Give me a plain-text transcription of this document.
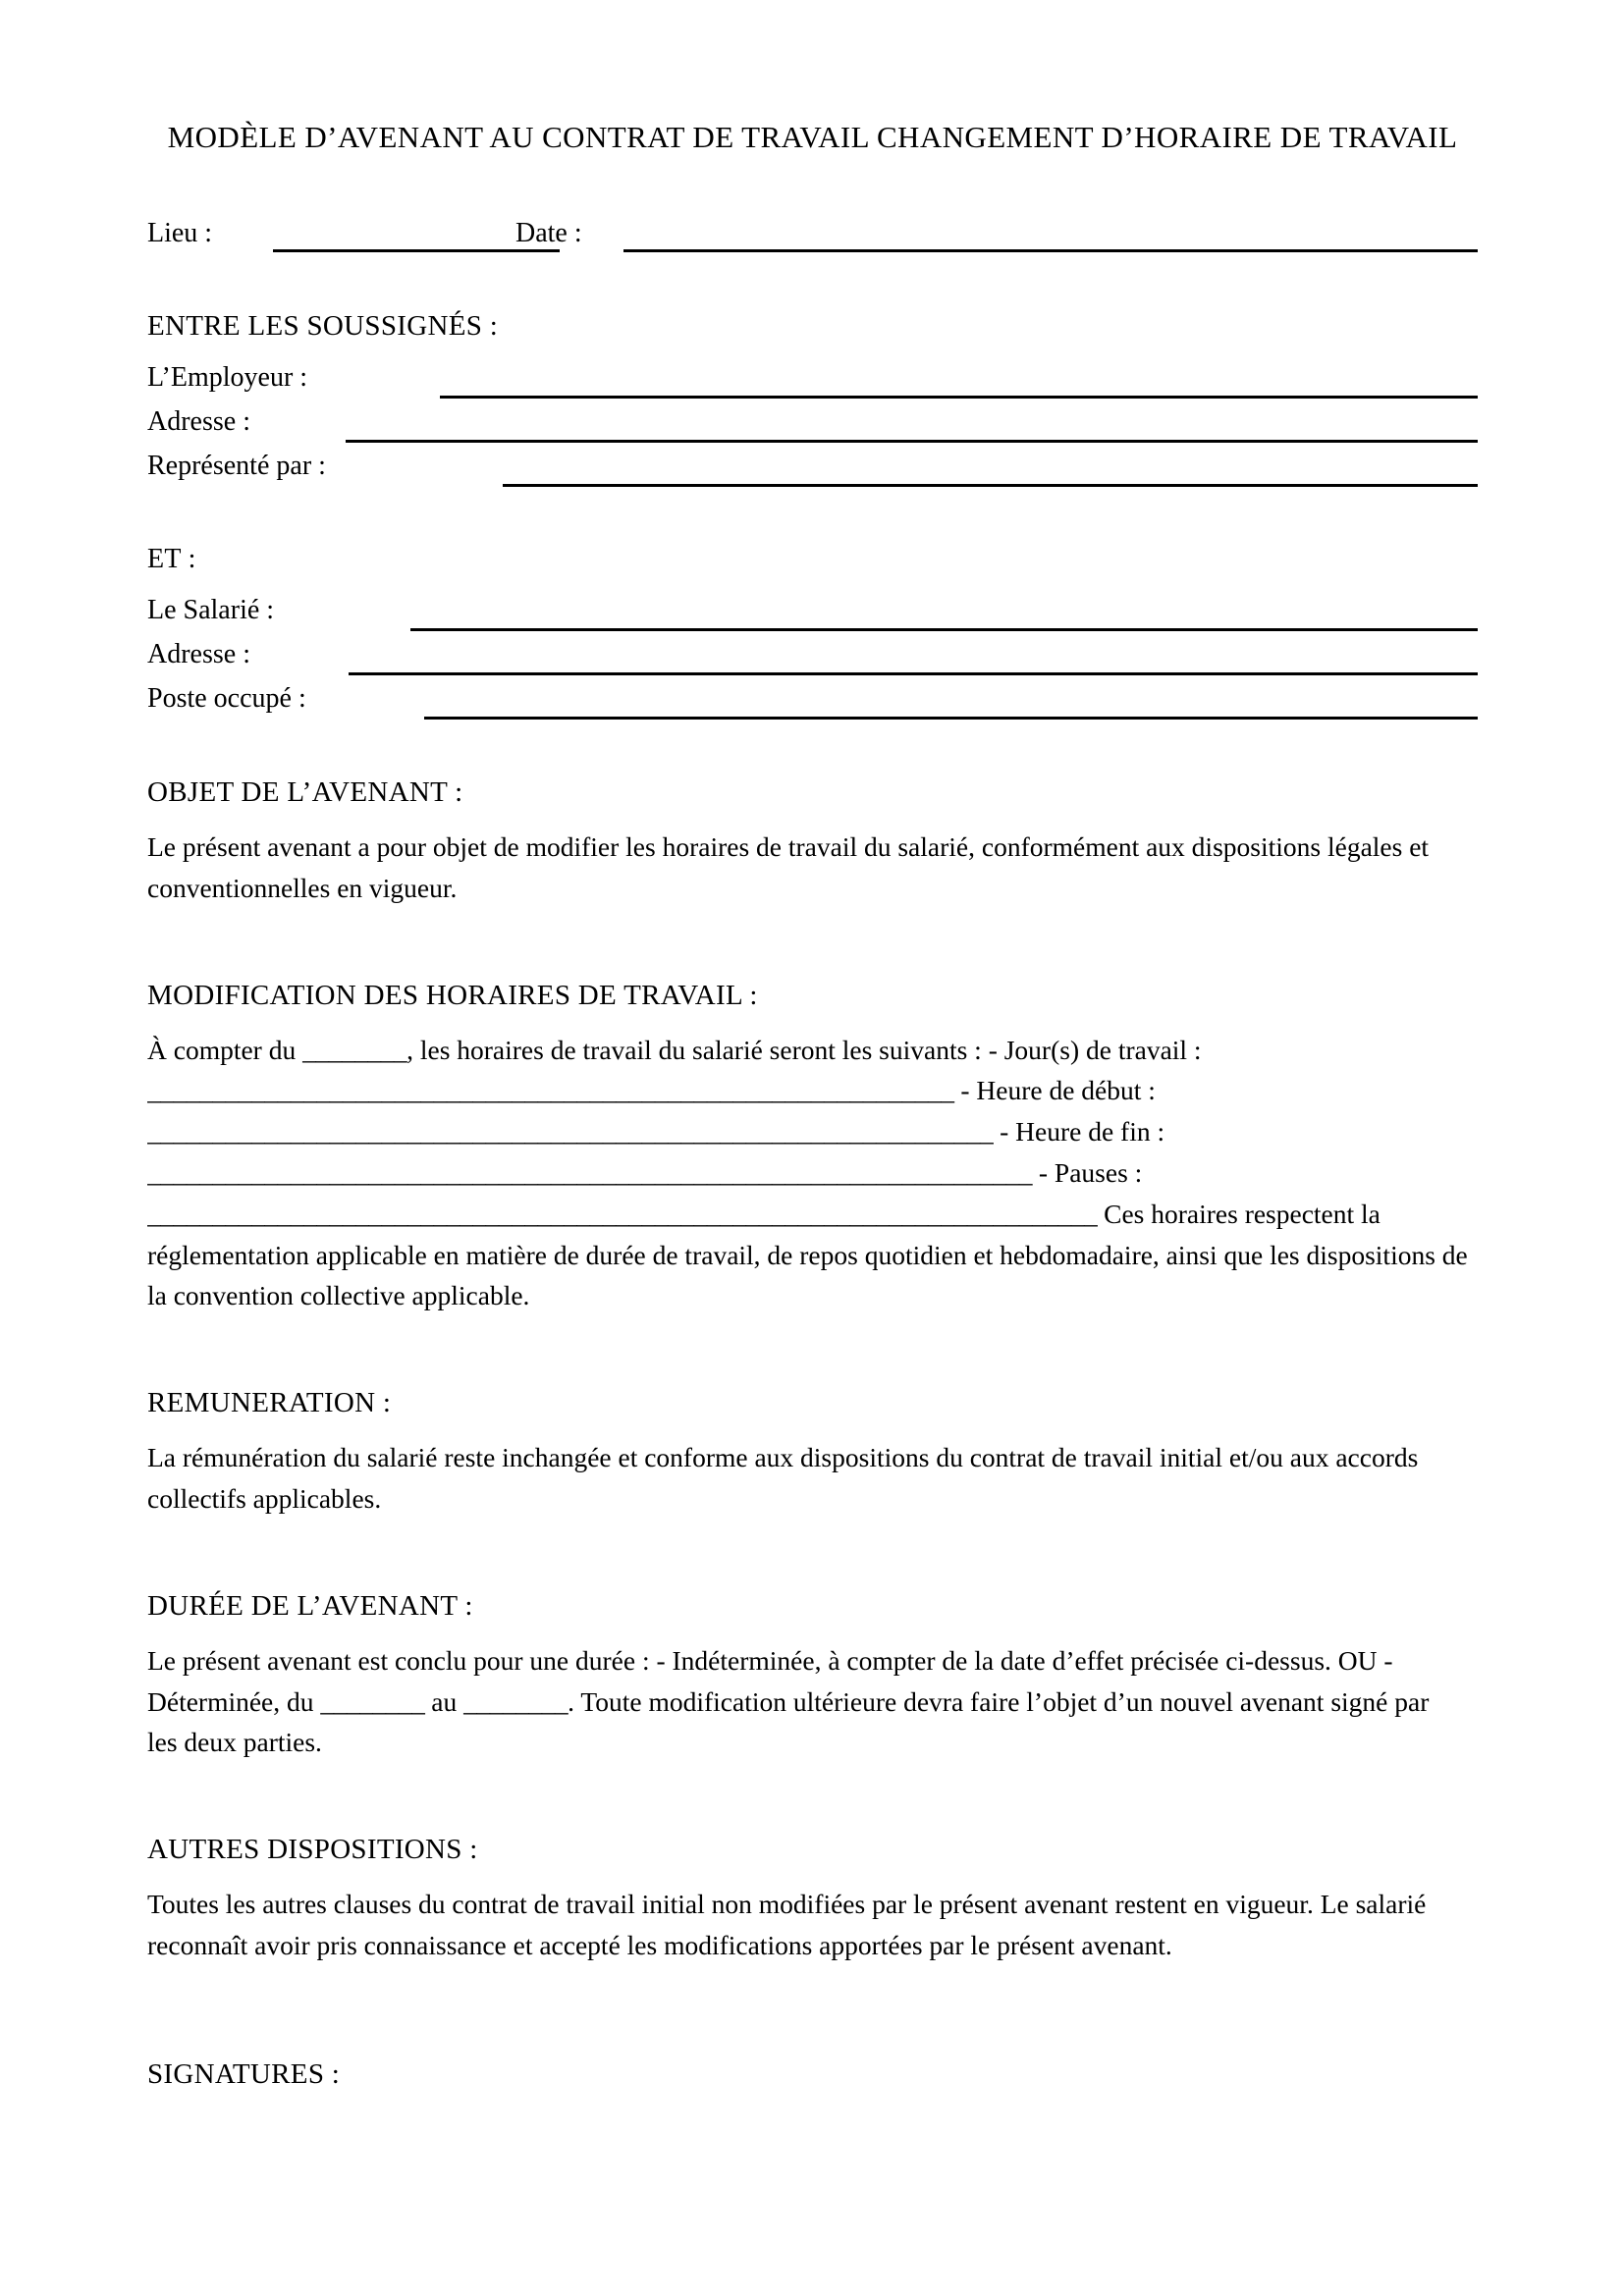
MODÈLE D’AVENANT AU CONTRAT DE TRAVAIL CHANGEMENT D’HORAIRE DE TRAVAIL
Lieu :	Date :
ENTRE LES SOUSSIGNÉS :
L’Employeur :
Adresse :
Représenté par :
ET :
Le Salarié :
Adresse :
Poste occupé :
OBJET DE L’AVENANT :

Le présent avenant a pour objet de modifier les horaires de travail du salarié, conformément aux dispositions légales et conventionnelles en vigueur.

MODIFICATION DES HORAIRES DE TRAVAIL :
À compter du ________, les horaires de travail du salarié seront les suivants : - Jour(s) de travail :
______________________________________________________________ - Heure de début :
_________________________________________________________________ - Heure de fin :
____________________________________________________________________ - Pauses :
_________________________________________________________________________ Ces horaires respectent la

réglementation applicable en matière de durée de travail, de repos quotidien et hebdomadaire, ainsi que les dispositions de la convention collective applicable.

REMUNERATION :

La rémunération du salarié reste inchangée et conforme aux dispositions du contrat de travail initial et/ou aux accords collectifs applicables.

DURÉE DE L’AVENANT :
Le présent avenant est conclu pour une durée : - Indéterminée, à compter de la date d’effet précisée ci-dessus. OU -
Déterminée, du ________ au ________. Toute modification ultérieure devra faire l’objet d’un nouvel avenant signé par
les deux parties.
AUTRES DISPOSITIONS :

Toutes les autres clauses du contrat de travail initial non modifiées par le présent avenant restent en vigueur. Le salarié reconnaît avoir pris connaissance et accepté les modifications apportées par le présent avenant.

SIGNATURES :
